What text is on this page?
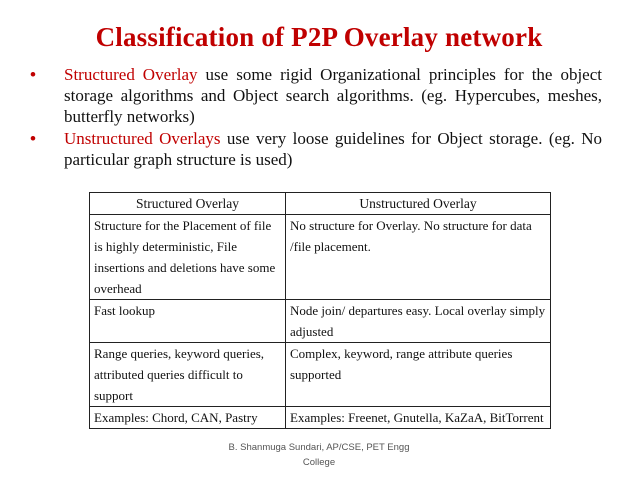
Classification of P2P Overlay network
• Structured Overlay use some rigid Organizational principles for the object storage algorithms and Object search algorithms. (eg. Hypercubes, meshes, butterfly networks)
• Unstructured Overlays use very loose guidelines for Object storage. (eg. No particular graph structure is used)
Structured Overlay	Unstructured Overlay
Structure for the Placement of file is highly deterministic, File insertions and deletions have some overhead	No structure for Overlay. No structure for data /file placement.
Fast lookup	Node join/ departures easy. Local overlay simply adjusted
Range queries, keyword queries, attributed queries difficult to support	Complex, keyword, range attribute queries supported
Examples: Chord, CAN, Pastry	Examples: Freenet, Gnutella, KaZaA, BitTorrent
B. Shanmuga Sundari, AP/CSE, PET Engg
College
